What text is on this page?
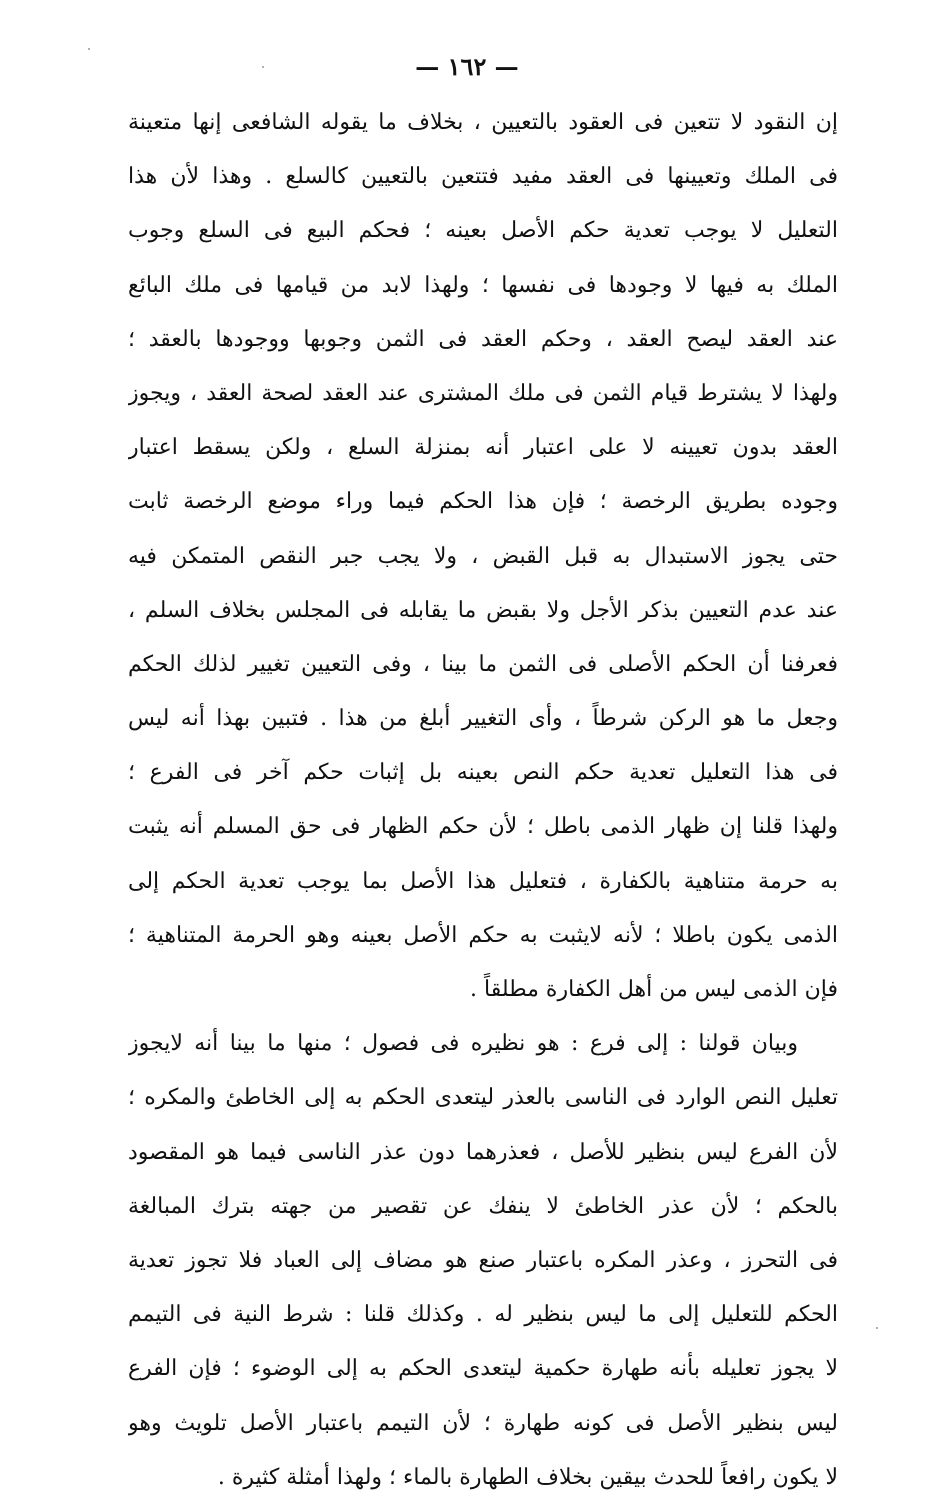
— ١٦٢ —
إن النقود لا تتعين فى العقود بالتعيين ، بخلاف ما يقوله الشافعى إنها متعينة
فى الملك وتعيينها فى العقد مفيد فتتعين بالتعيين كالسلع . وهذا لأن هذا
التعليل لا يوجب تعدية حكم الأصل بعينه ؛ فحكم البيع فى السلع وجوب
الملك به فيها لا وجودها فى نفسها ؛ ولهذا لابد من قيامها فى ملك البائع
عند العقد ليصح العقد ، وحكم العقد فى الثمن وجوبها ووجودها بالعقد ؛
ولهذا لا يشترط قيام الثمن فى ملك المشترى عند العقد لصحة العقد ، ويجوز
العقد بدون تعيينه لا على اعتبار أنه بمنزلة السلع ، ولكن يسقط اعتبار
وجوده بطريق الرخصة ؛ فإن هذا الحكم فيما وراء موضع الرخصة ثابت
حتى يجوز الاستبدال به قبل القبض ، ولا يجب جبر النقص المتمكن فيه
عند عدم التعيين بذكر الأجل ولا بقبض ما يقابله فى المجلس بخلاف السلم ،
فعرفنا أن الحكم الأصلى فى الثمن ما بينا ، وفى التعيين تغيير لذلك الحكم
وجعل ما هو الركن شرطاً ، وأى التغيير أبلغ من هذا . فتبين بهذا أنه ليس
فى هذا التعليل تعدية حكم النص بعينه بل إثبات حكم آخر فى الفرع ؛
ولهذا قلنا إن ظهار الذمى باطل ؛ لأن حكم الظهار فى حق المسلم أنه يثبت
به حرمة متناهية بالكفارة ، فتعليل هذا الأصل بما يوجب تعدية الحكم إلى
الذمى يكون باطلا ؛ لأنه لايثبت به حكم الأصل بعينه وهو الحرمة المتناهية ؛
فإن الذمى ليس من أهل الكفارة مطلقاً .
وبيان قولنا : إلى فرع : هو نظيره فى فصول ؛ منها ما بينا أنه لايجوز
تعليل النص الوارد فى الناسى بالعذر ليتعدى الحكم به إلى الخاطئ والمكره ؛
لأن الفرع ليس بنظير للأصل ، فعذرهما دون عذر الناسى فيما هو المقصود
بالحكم ؛ لأن عذر الخاطئ لا ينفك عن تقصير من جهته بترك المبالغة
فى التحرز ، وعذر المكره باعتبار صنع هو مضاف إلى العباد فلا تجوز تعدية
الحكم للتعليل إلى ما ليس بنظير له . وكذلك قلنا : شرط النية فى التيمم
لا يجوز تعليله بأنه طهارة حكمية ليتعدى الحكم به إلى الوضوء ؛ فإن الفرع
ليس بنظير الأصل فى كونه طهارة ؛ لأن التيمم باعتبار الأصل تلويث وهو
لا يكون رافعاً للحدث بيقين بخلاف الطهارة بالماء ؛ ولهذا أمثلة كثيرة .
